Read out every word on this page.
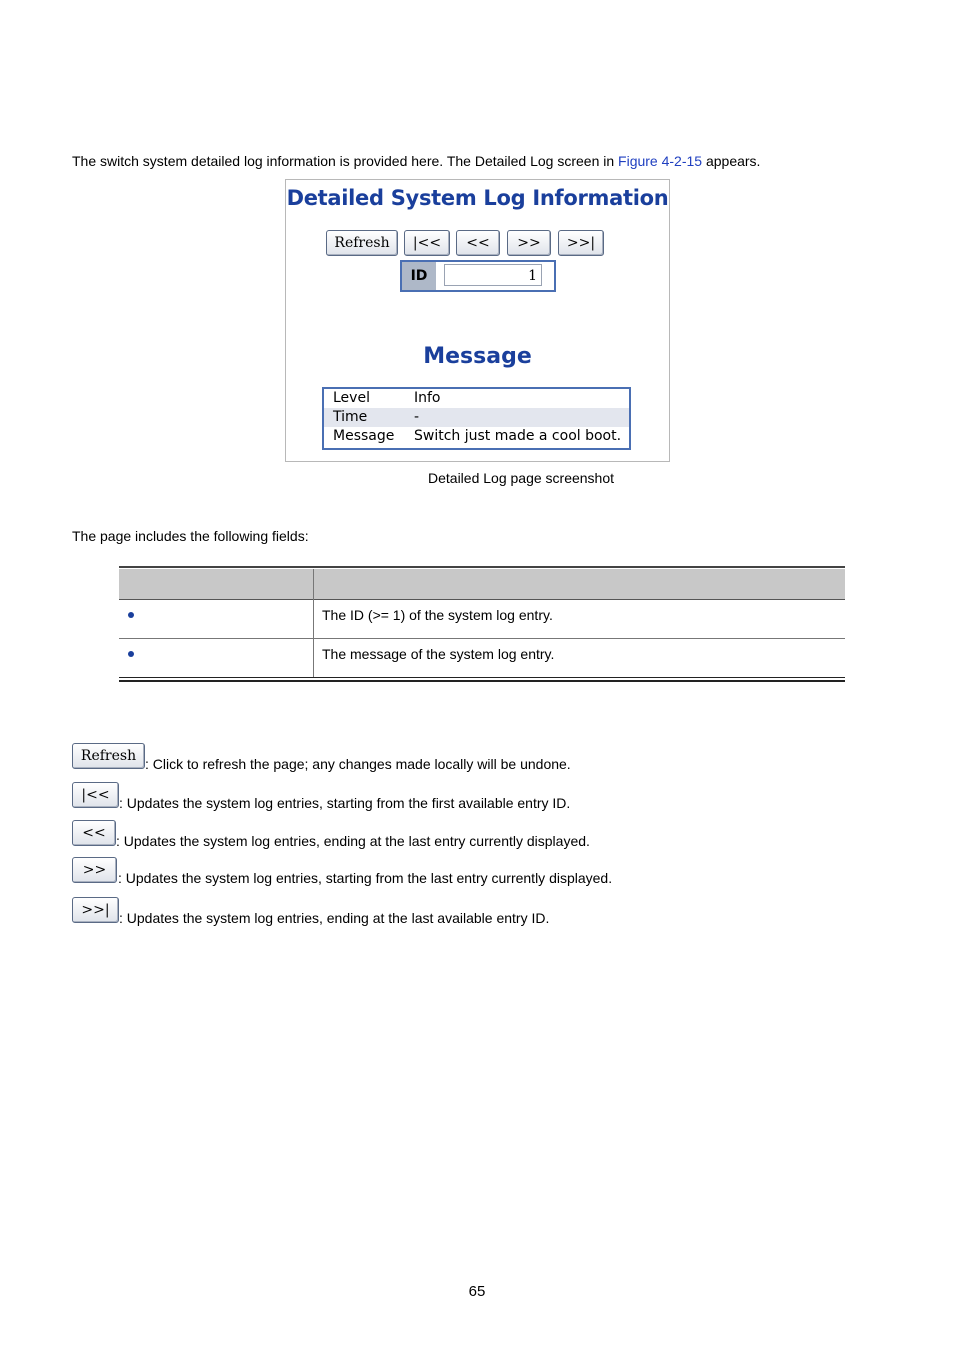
The switch system detailed log information is provided here. The Detailed Log screen in Figure 4-2-15 appears.
Detailed System Log Information
Refresh	|<<	<<	>>	>>|
ID	1
Message
Level	Info
Time	-
Message Switch just made a cool boot.
Detailed Log page screenshot
The page includes the following fields:
The ID (>= 1) of the system log entry.
The message of the system log entry.
Refresh : Click to refresh the page; any changes made locally will be undone.
|<< : Updates the system log entries, starting from the first available entry ID.
<< : Updates the system log entries, ending at the last entry currently displayed.
>> : Updates the system log entries, starting from the last entry currently displayed.
>>| : Updates the system log entries, ending at the last available entry ID.
65
